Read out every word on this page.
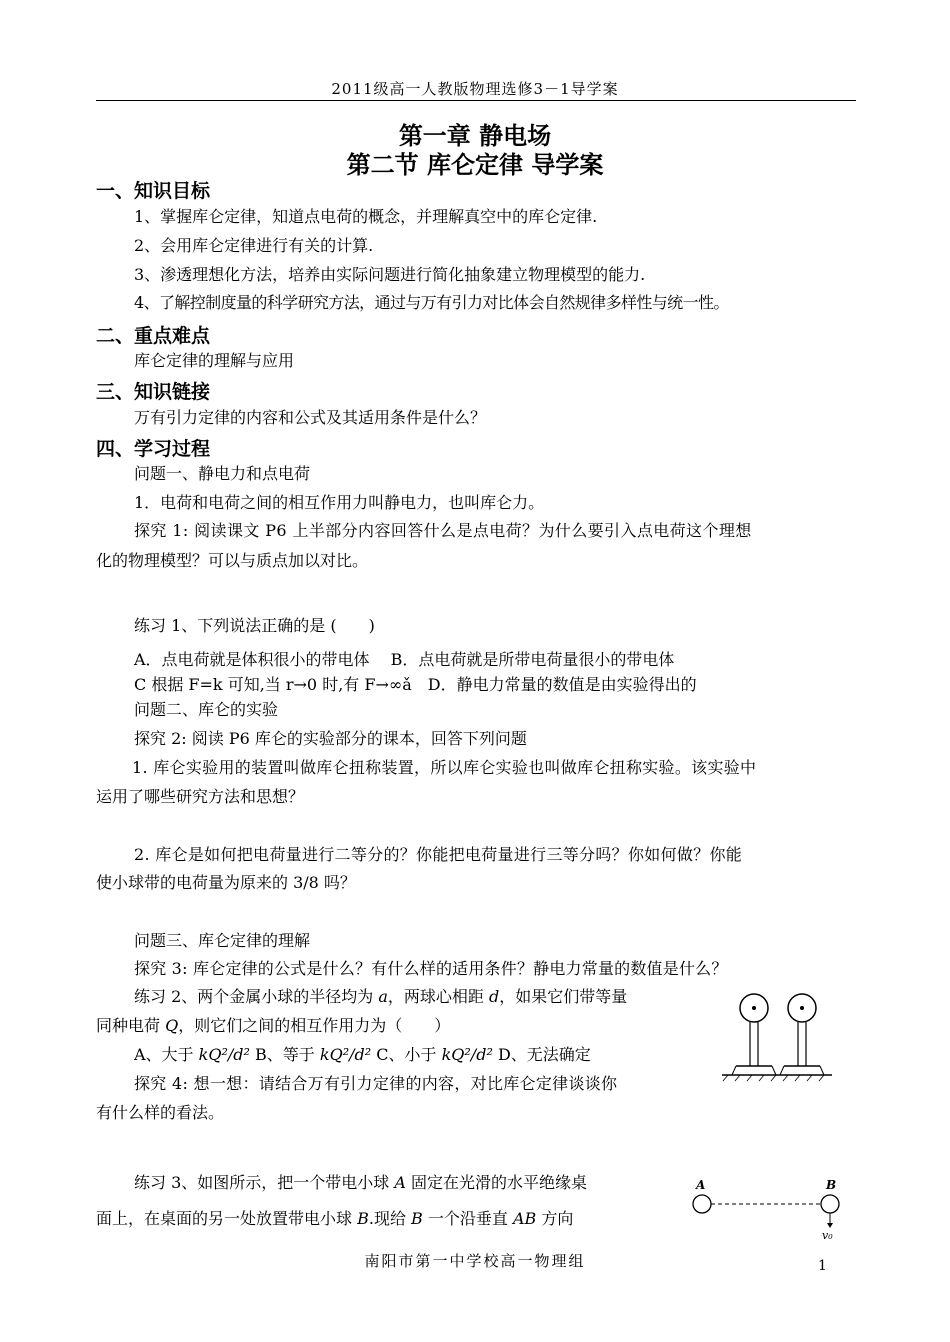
2011级高一人教版物理选修3－1导学案
第一章 静电场
第二节 库仑定律 导学案
一、知识目标
1、掌握库仑定律，知道点电荷的概念，并理解真空中的库仑定律.
2、会用库仑定律进行有关的计算.
3、渗透理想化方法，培养由实际问题进行简化抽象建立物理模型的能力.
4、了解控制度量的科学研究方法，通过与万有引力对比体会自然规律多样性与统一性。
二、重点难点
库仑定律的理解与应用
三、知识链接
万有引力定律的内容和公式及其适用条件是什么？
四、学习过程
问题一、静电力和点电荷
1．电荷和电荷之间的相互作用力叫静电力，也叫库仑力。
探究 1: 阅读课文 P6 上半部分内容回答什么是点电荷？为什么要引入点电荷这个理想
化的物理模型？可以与质点加以对比。
练习 1、下列说法正确的是 (　　)
A．点电荷就是体积很小的带电体　 B．点电荷就是所带电荷量很小的带电体
C 根据 F=k 可知,当 r→0 时,有 F→∞ǎ　D．静电力常量的数值是由实验得出的
问题二、库仑的实验
探究 2: 阅读 P6 库仑的实验部分的课本，回答下列问题
1. 库仑实验用的装置叫做库仑扭称装置，所以库仑实验也叫做库仑扭称实验。该实验中
运用了哪些研究方法和思想？
2. 库仑是如何把电荷量进行二等分的？你能把电荷量进行三等分吗？你如何做？你能
使小球带的电荷量为原来的 3/8 吗？
问题三、库仑定律的理解
探究 3: 库仑定律的公式是什么？有什么样的适用条件？静电力常量的数值是什么？
练习 2、两个金属小球的半径均为 a，两球心相距 d，如果它们带等量
同种电荷 Q，则它们之间的相互作用力为（　　）
A、大于 kQ²/d² B、等于 kQ²/d² C、小于 kQ²/d² D、无法确定
探究 4: 想一想：请结合万有引力定律的内容，对比库仑定律谈谈你
有什么样的看法。
练习 3、如图所示，把一个带电小球 A 固定在光滑的水平绝缘桌
面上，在桌面的另一处放置带电小球 B.现给 B 一个沿垂直 AB 方向
A	B
v₀
南阳市第一中学校高一物理组	1
